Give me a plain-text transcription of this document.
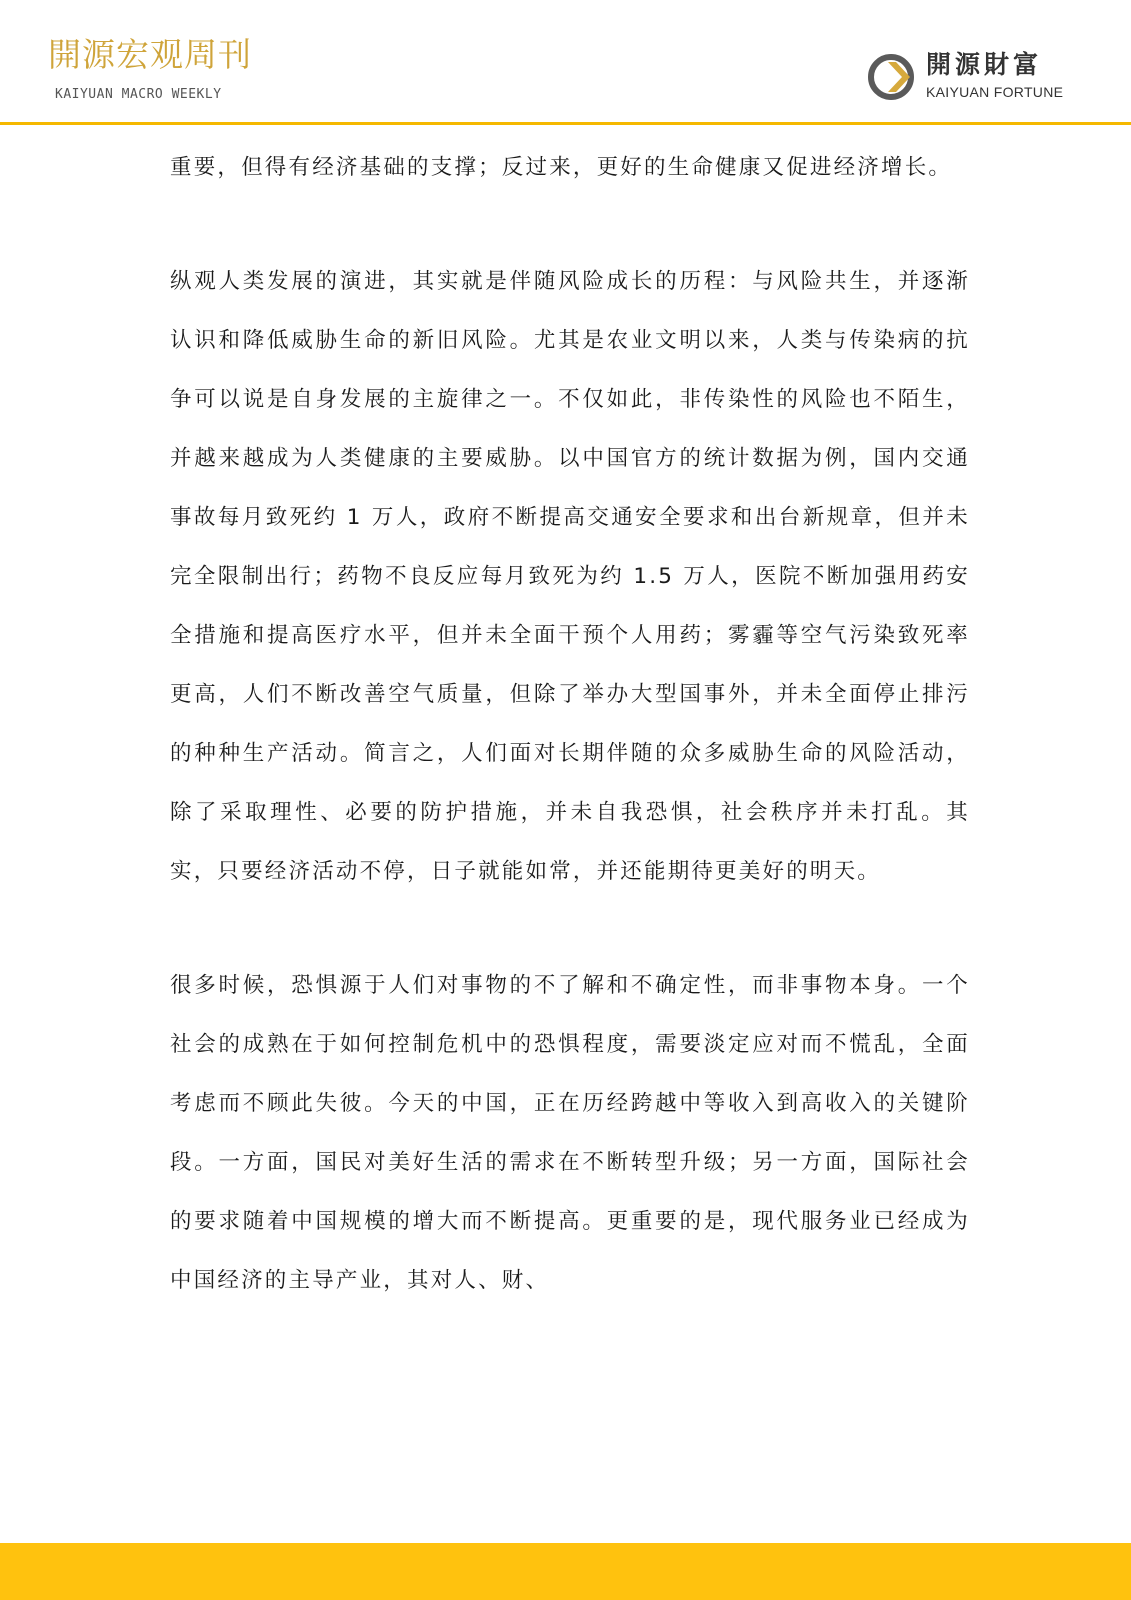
開源宏观周刊
KAIYUAN MACRO WEEKLY
開源財富
KAIYUAN FORTUNE

重要，但得有经济基础的支撑；反过来，更好的生命健康又促进经济增长。

纵观人类发展的演进，其实就是伴随风险成长的历程：与风险共生，并逐渐认识和降低威胁生命的新旧风险。尤其是农业文明以来，人类与传染病的抗争可以说是自身发展的主旋律之一。不仅如此，非传染性的风险也不陌生，并越来越成为人类健康的主要威胁。以中国官方的统计数据为例，国内交通事故每月致死约 1 万人，政府不断提高交通安全要求和出台新规章，但并未完全限制出行；药物不良反应每月致死为约 1.5 万人，医院不断加强用药安全措施和提高医疗水平，但并未全面干预个人用药；雾霾等空气污染致死率更高，人们不断改善空气质量，但除了举办大型国事外，并未全面停止排污的种种生产活动。简言之，人们面对长期伴随的众多威胁生命的风险活动，除了采取理性、必要的防护措施，并未自我恐惧，社会秩序并未打乱。其实，只要经济活动不停，日子就能如常，并还能期待更美好的明天。

很多时候，恐惧源于人们对事物的不了解和不确定性，而非事物本身。一个社会的成熟在于如何控制危机中的恐惧程度，需要淡定应对而不慌乱，全面考虑而不顾此失彼。今天的中国，正在历经跨越中等收入到高收入的关键阶段。一方面，国民对美好生活的需求在不断转型升级；另一方面，国际社会的要求随着中国规模的增大而不断提高。更重要的是，现代服务业已经成为中国经济的主导产业，其对人、财、
